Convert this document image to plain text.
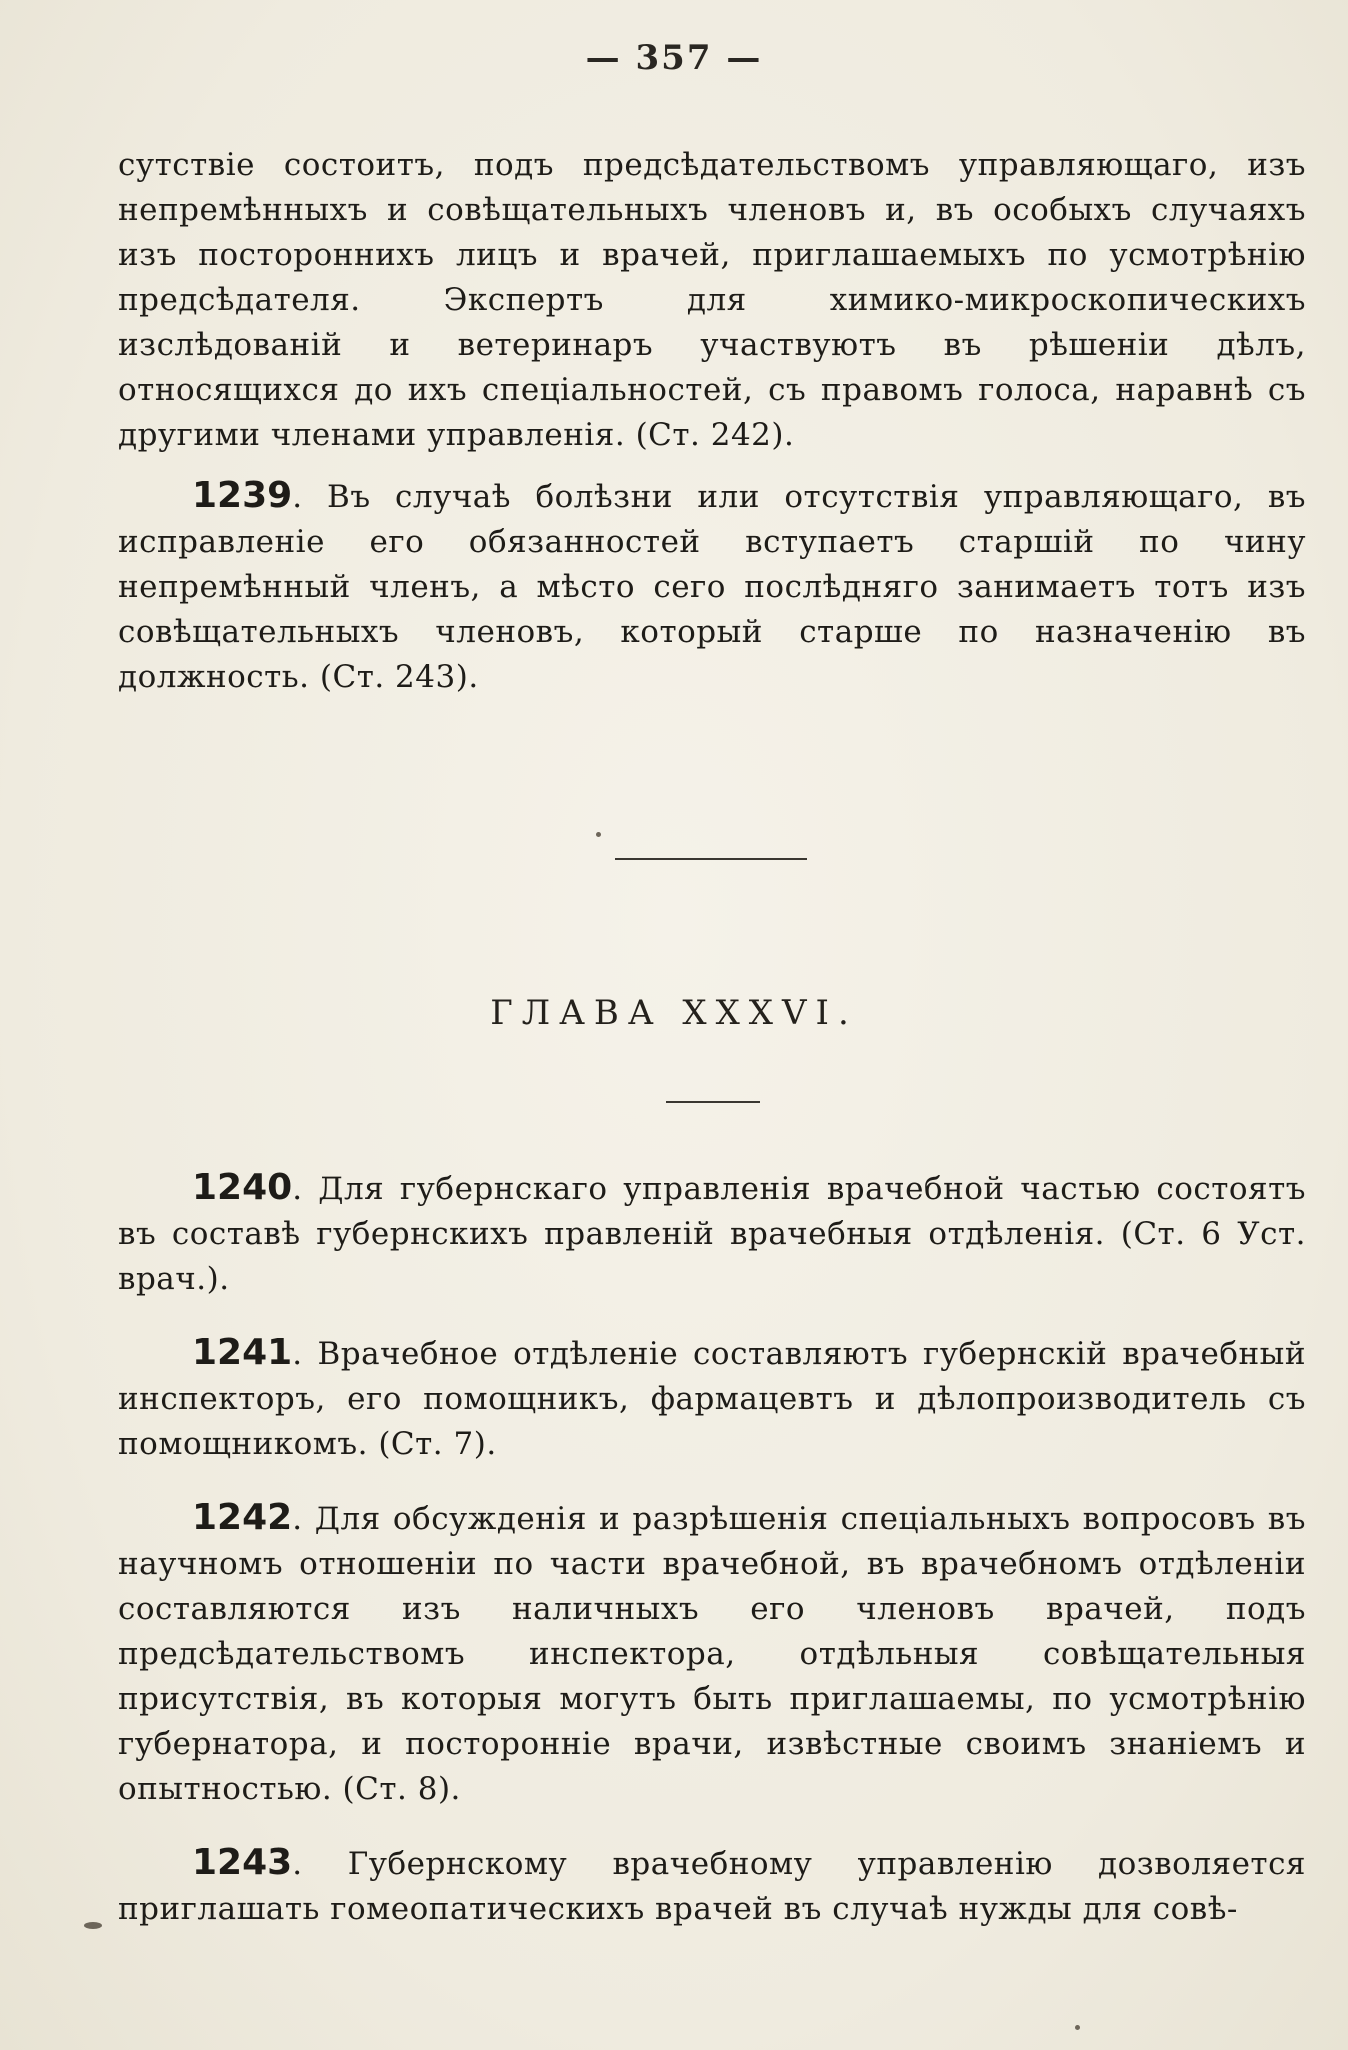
— 357 —

сутствіе состоитъ, подъ предсѣдательствомъ управляющаго, изъ непремѣнныхъ и совѣщательныхъ членовъ и, въ особыхъ случаяхъ изъ постороннихъ лицъ и врачей, приглашаемыхъ по усмотрѣнію предсѣдателя. Экспертъ для химико-микроскопическихъ изслѣдованій и ветеринаръ участвуютъ въ рѣшеніи дѣлъ, относящихся до ихъ спеціальностей, съ правомъ голоса, наравнѣ съ другими членами управленія. (Ст. 242).

1239. Въ случаѣ болѣзни или отсутствія управляющаго, въ исправленіе его обязанностей вступаетъ старшій по чину непремѣнный членъ, а мѣсто сего послѣдняго занимаетъ тотъ изъ совѣщательныхъ членовъ, который старше по назначенію въ должность. (Ст. 243).

ГЛАВА XXXVI.

1240. Для губернскаго управленія врачебной частью состоятъ въ составѣ губернскихъ правленій врачебныя отдѣленія. (Ст. 6 Уст. врач.).

1241. Врачебное отдѣленіе составляютъ губернскій врачебный инспекторъ, его помощникъ, фармацевтъ и дѣлопроизводитель съ помощникомъ. (Ст. 7).

1242. Для обсужденія и разрѣшенія спеціальныхъ вопросовъ въ научномъ отношеніи по части врачебной, въ врачебномъ отдѣленіи составляются изъ наличныхъ его членовъ врачей, подъ предсѣдательствомъ инспектора, отдѣльныя совѣщательныя присутствія, въ которыя могутъ быть приглашаемы, по усмотрѣнію губернатора, и посторонніе врачи, извѣстные своимъ знаніемъ и опытностью. (Ст. 8).

1243. Губернскому врачебному управленію дозволяется приглашать гомеопатическихъ врачей въ случаѣ нужды для совѣ-
